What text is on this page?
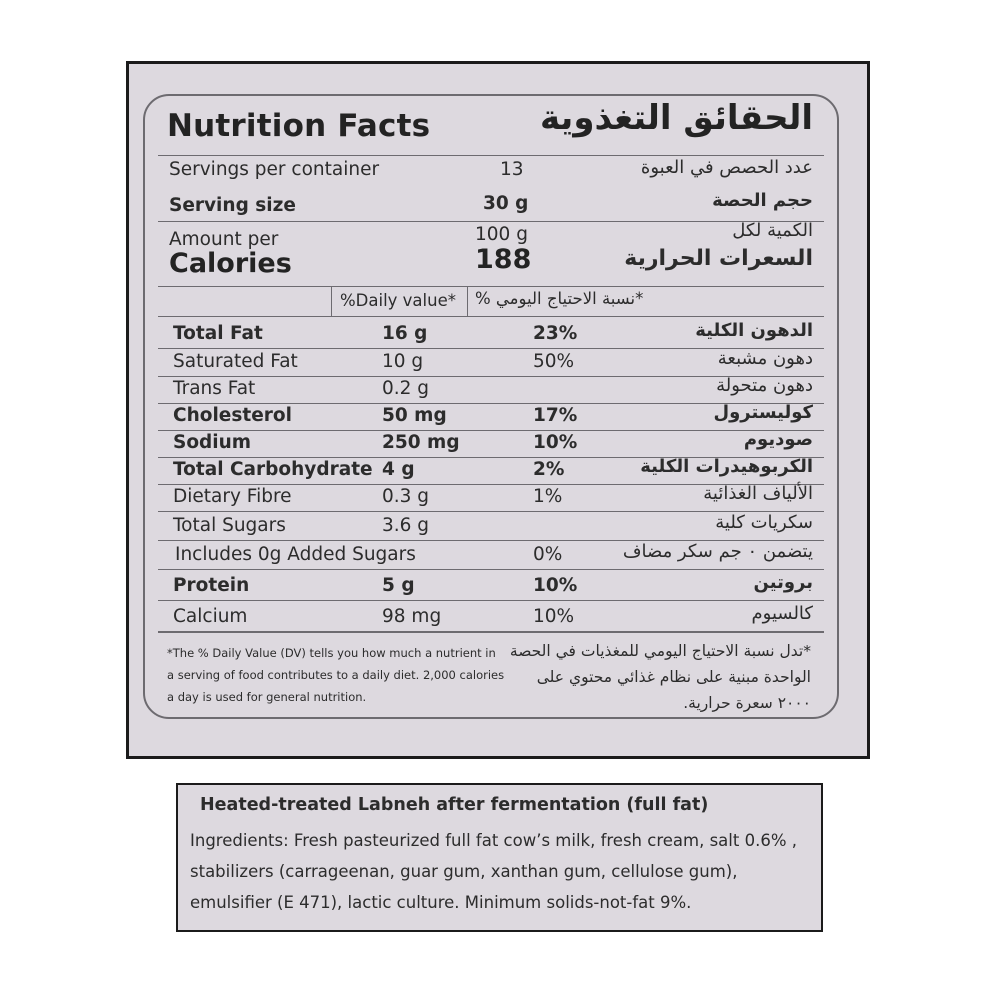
Nutrition Facts	الحقائق التغذوية
Servings per container	13	عدد الحصص في العبوة
Serving size	30 g	حجم الحصة
Amount per	100 g	الكمية لكل
Calories	188	السعرات الحرارية
%Daily value* *نسبة الاحتياج اليومي %
Total Fat	16 g	23%	الدهون الكلية
Saturated Fat	10 g	50%	دهون مشبعة
Trans Fat	0.2 g	دهون متحولة
Cholesterol	50 mg	17%	كوليسترول
Sodium	250 mg	10%	صوديوم
Total Carbohydrate 4 g	2%	الكربوهيدرات الكلية
Dietary Fibre	0.3 g	1%	الألياف الغذائية
Total Sugars	3.6 g	سكريات كلية
Includes 0g Added Sugars	0%	يتضمن ٠ جم سكر مضاف
Protein	5 g	10%	بروتين
Calcium	98 mg	10%	كالسيوم
*The % Daily Value (DV) tells you how much a nutrient in a serving of food contributes to a daily diet. 2,000 calories a day is used for general nutrition.
*تدل نسبة الاحتياج اليومي للمغذيات في الحصة الواحدة مبنية على نظام غذائي محتوي على ٢٠٠٠ سعرة حرارية.
Heated-treated Labneh after fermentation (full fat)
Ingredients: Fresh pasteurized full fat cow’s milk, fresh cream, salt 0.6% , stabilizers (carrageenan, guar gum, xanthan gum, cellulose gum), emulsifier (E 471), lactic culture. Minimum solids-not-fat 9%.
